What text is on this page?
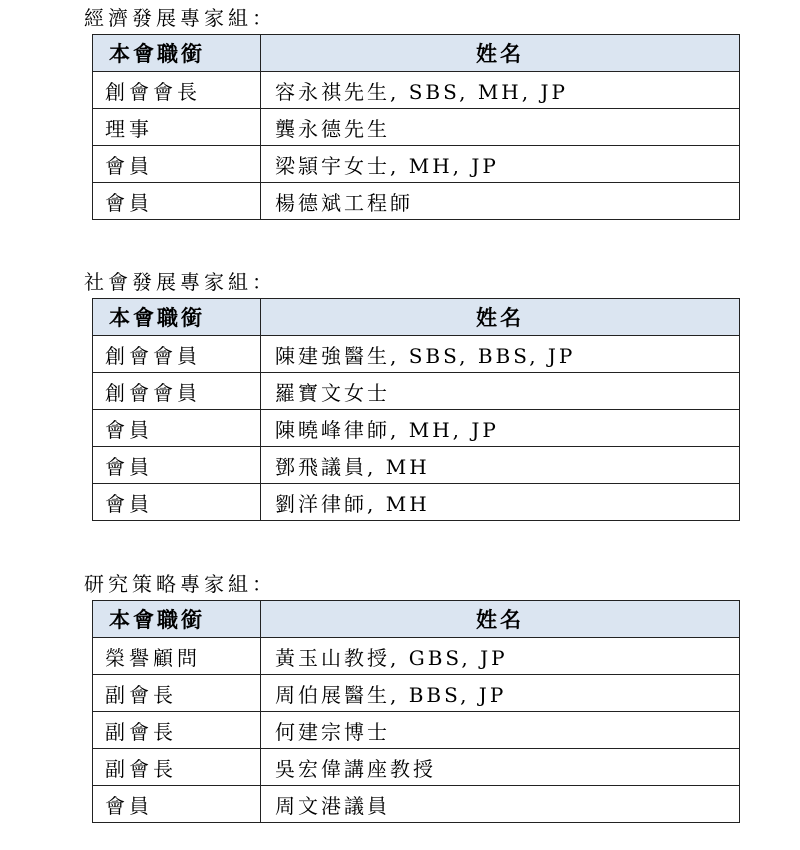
經濟發展專家組：
本會職銜	姓名
創會會長	容永祺先生, SBS, MH, JP
理事	龔永德先生
會員	梁頴宇女士, MH, JP
會員	楊德斌工程師
社會發展專家組：
本會職銜	姓名
創會會員	陳建強醫生, SBS, BBS, JP
創會會員	羅寶文女士
會員	陳曉峰律師, MH, JP
會員	鄧飛議員, MH
會員	劉洋律師, MH
研究策略專家組：
本會職銜	姓名
榮譽顧問	黃玉山教授, GBS, JP
副會長	周伯展醫生, BBS, JP
副會長	何建宗博士
副會長	吳宏偉講座教授
會員	周文港議員
